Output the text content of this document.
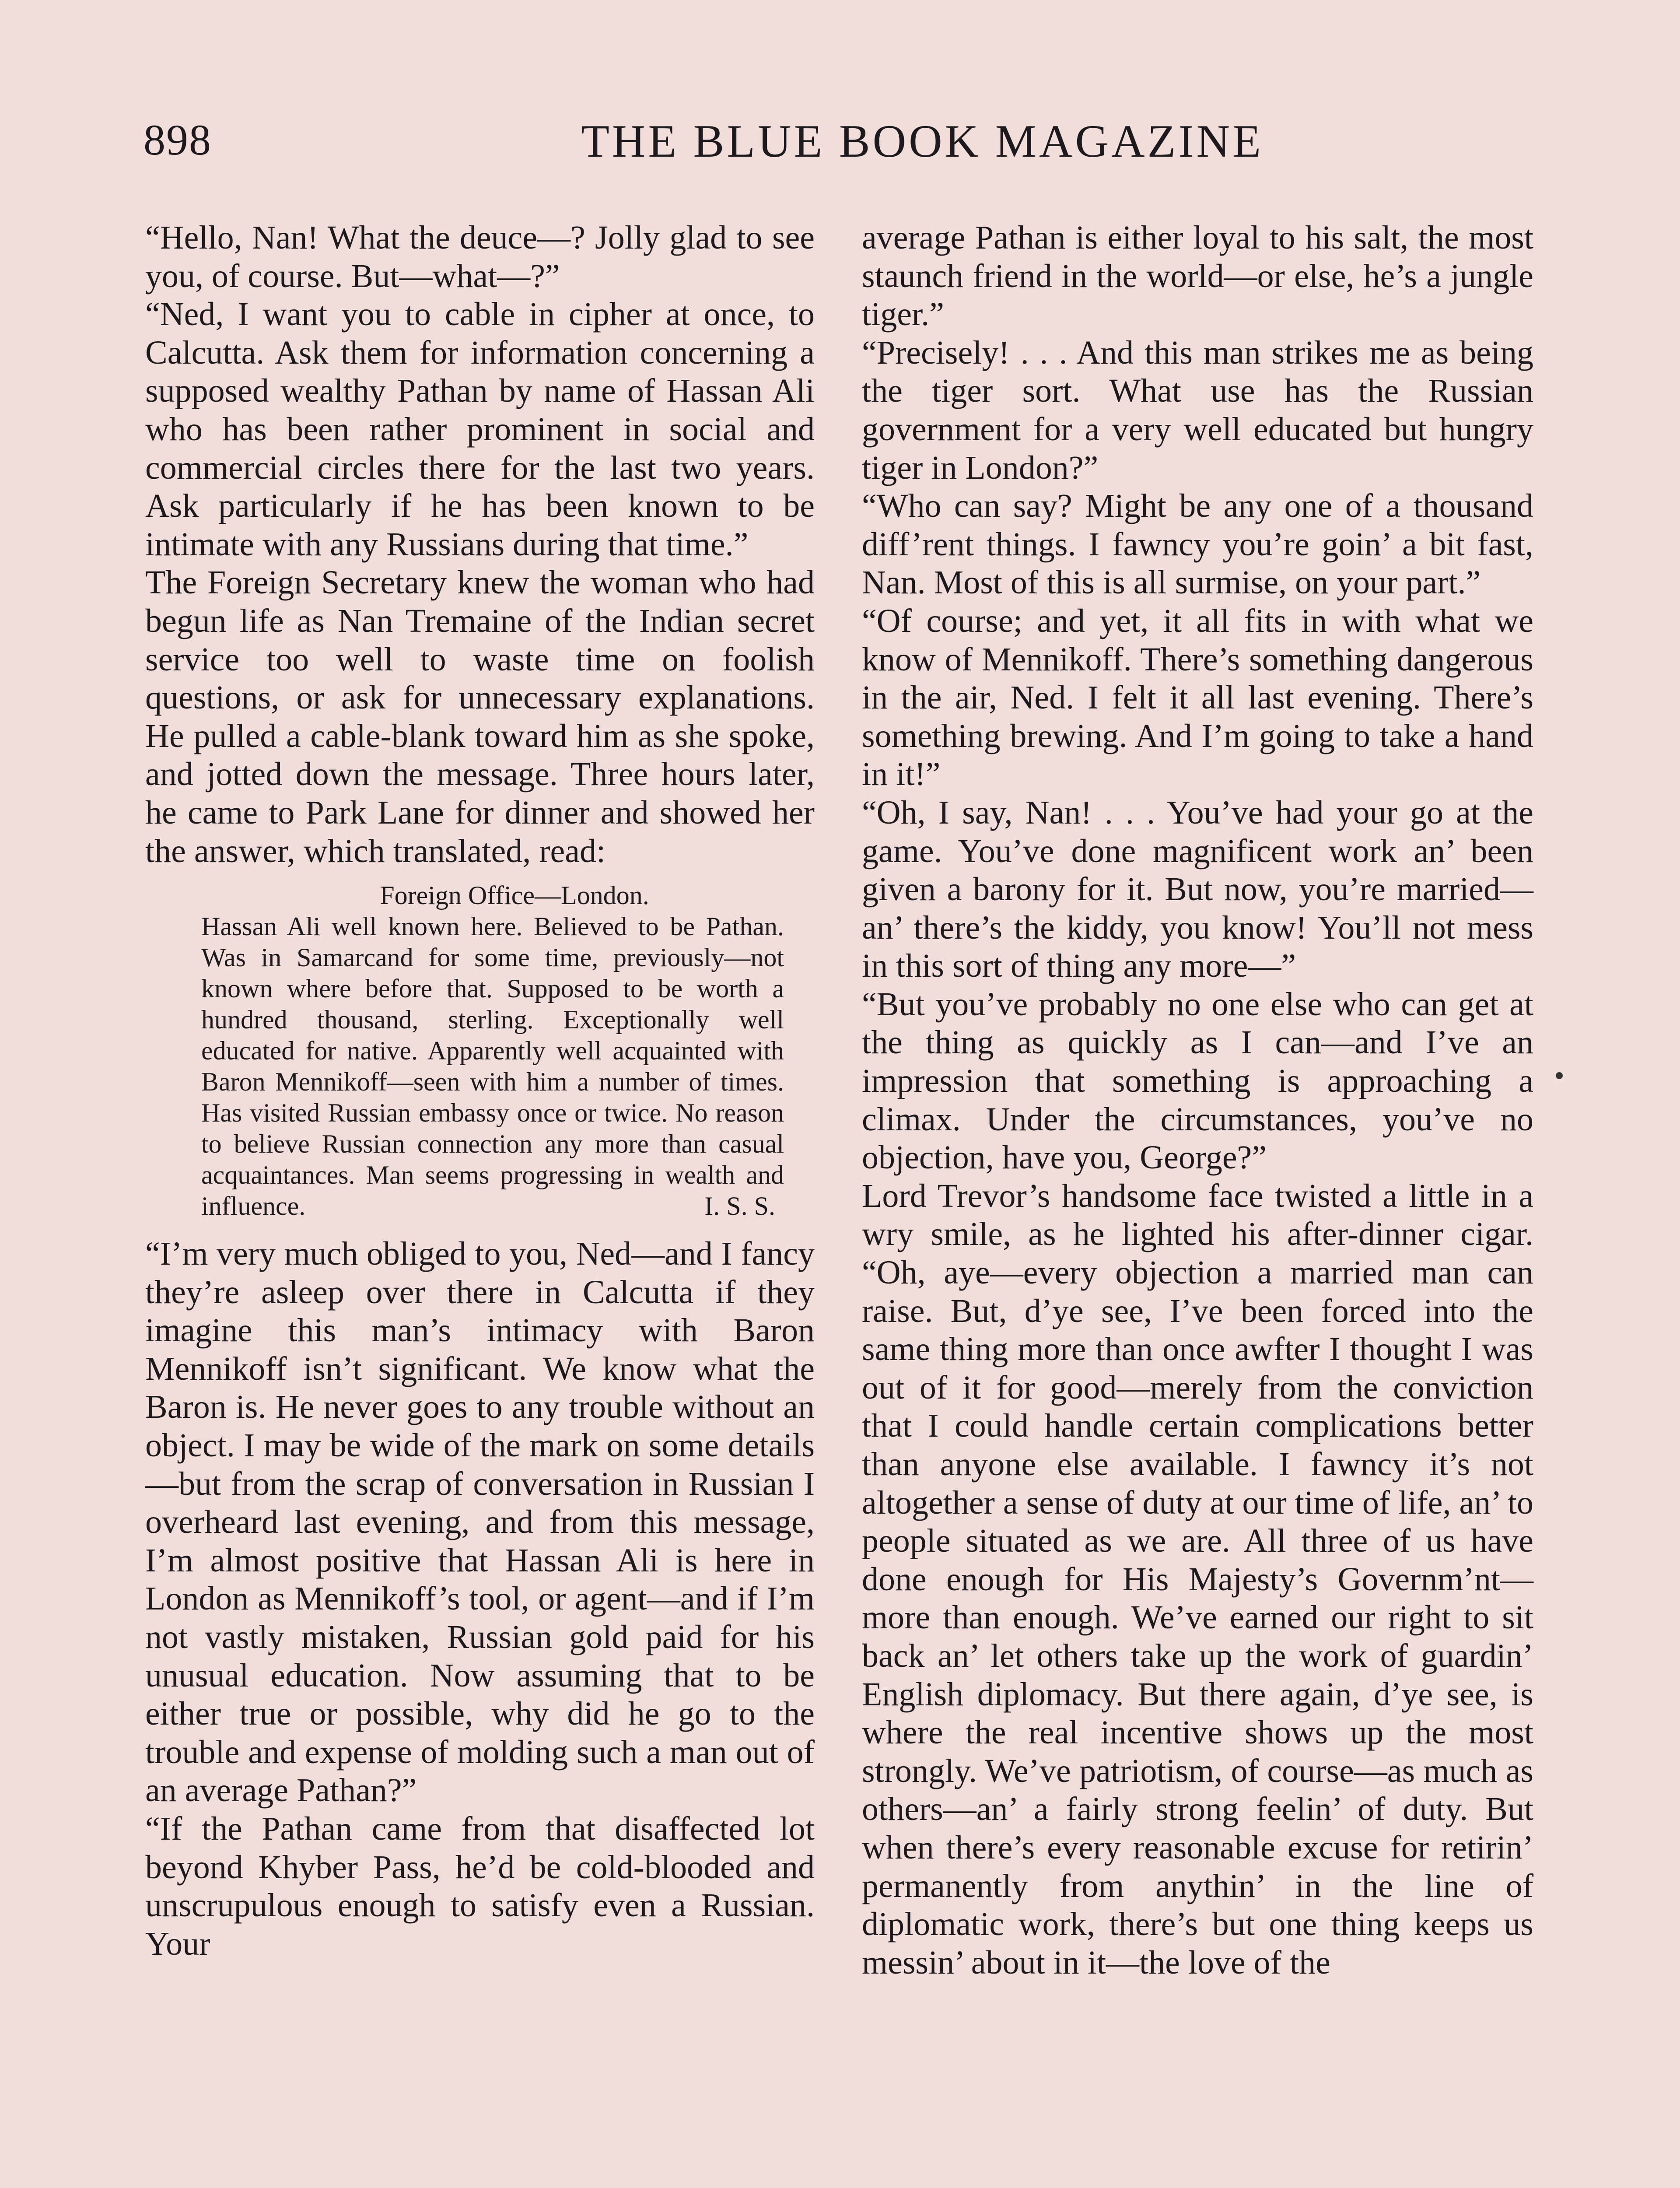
898	THE BLUE BOOK MAGAZINE

“Hello, Nan! What the deuce—? Jolly glad to see you, of course. But—what—?”

“Ned, I want you to cable in cipher at once, to Calcutta. Ask them for information concerning a supposed wealthy Pathan by name of Hassan Ali who has been rather prominent in social and commercial circles there for the last two years. Ask particularly if he has been known to be intimate with any Russians during that time.”

The Foreign Secretary knew the woman who had begun life as Nan Tremaine of the Indian secret service too well to waste time on foolish questions, or ask for unnecessary explanations. He pulled a cable-blank toward him as she spoke, and jotted down the message. Three hours later, he came to Park Lane for dinner and showed her the answer, which translated, read:

Foreign Office—London.

Hassan Ali well known here. Believed to be Pathan. Was in Samarcand for some time, previously—not known where before that. Supposed to be worth a hundred thousand, sterling. Exceptionally well educated for native. Apparently well acquainted with Baron Mennikoff—seen with him a number of times. Has visited Russian embassy once or twice. No reason to believe Russian connection any more than casual acquaintances. Man seems progressing in wealth and influence.	I. S. S.

“I’m very much obliged to you, Ned—and I fancy they’re asleep over there in Calcutta if they imagine this man’s intimacy with Baron Mennikoff isn’t significant. We know what the Baron is. He never goes to any trouble without an object. I may be wide of the mark on some details—but from the scrap of conversation in Russian I overheard last evening, and from this message, I’m almost positive that Hassan Ali is here in London as Mennikoff’s tool, or agent—and if I’m not vastly mistaken, Russian gold paid for his unusual education. Now assuming that to be either true or possible, why did he go to the trouble and expense of molding such a man out of an average Pathan?”

“If the Pathan came from that disaffected lot beyond Khyber Pass, he’d be cold-blooded and unscrupulous enough to satisfy even a Russian. Your

average Pathan is either loyal to his salt, the most staunch friend in the world—or else, he’s a jungle tiger.”

“Precisely! . . . And this man strikes me as being the tiger sort. What use has the Russian government for a very well educated but hungry tiger in London?”

“Who can say? Might be any one of a thousand diff’rent things. I fawncy you’re goin’ a bit fast, Nan. Most of this is all surmise, on your part.”

“Of course; and yet, it all fits in with what we know of Mennikoff. There’s something dangerous in the air, Ned. I felt it all last evening. There’s something brewing. And I’m going to take a hand in it!”

“Oh, I say, Nan! . . . You’ve had your go at the game. You’ve done magnificent work an’ been given a barony for it. But now, you’re married—an’ there’s the kiddy, you know! You’ll not mess in this sort of thing any more—”

“But you’ve probably no one else who can get at the thing as quickly as I can—and I’ve an impression that something is approaching a climax. Under the circumstances, you’ve no objection, have you, George?”

Lord Trevor’s handsome face twisted a little in a wry smile, as he lighted his after-dinner cigar. “Oh, aye—every objection a married man can raise. But, d’ye see, I’ve been forced into the same thing more than once awfter I thought I was out of it for good—merely from the conviction that I could handle certain complications better than anyone else available. I fawncy it’s not altogether a sense of duty at our time of life, an’ to people situated as we are. All three of us have done enough for His Majesty’s Governm’nt—more than enough. We’ve earned our right to sit back an’ let others take up the work of guardin’ English diplomacy. But there again, d’ye see, is where the real incentive shows up the most strongly. We’ve patriotism, of course—as much as others—an’ a fairly strong feelin’ of duty. But when there’s every reasonable excuse for retirin’ permanently from anythin’ in the line of diplomatic work, there’s but one thing keeps us messin’ about in it—the love of the
